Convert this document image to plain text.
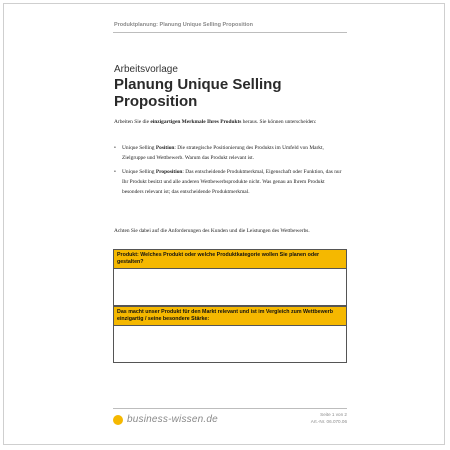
Produktplanung: Planung Unique Selling Proposition
Arbeitsvorlage
Planung Unique Selling Proposition
Arbeiten Sie die einzigartigen Merkmale Ihres Produkts heraus. Sie können unterscheiden:
• Unique Selling Position: Die strategische Positionierung des Produkts im Umfeld von Markt, Zielgruppe und Wettbewerb. Warum das Produkt relevant ist.
• Unique Selling Proposition: Das entscheidende Produktmerkmal, Eigenschaft oder Funktion, das nur Ihr Produkt besitzt und alle anderen Wettbewerbsprodukte nicht. Was genau an Ihrem Produkt besonders relevant ist; das entscheidende Produktmerkmal.
Achten Sie dabei auf die Anforderungen des Kunden und die Leistungen des Wettbewerbs.
Produkt: Welches Produkt oder welche Produktkategorie wollen Sie planen oder gestalten?
Das macht unser Produkt für den Markt relevant und ist im Vergleich zum Wettbewerb einzigartig / seine besondere Stärke:
business-wissen.de	Seite 1 von 2
Art.-Nr. 06.070.06
